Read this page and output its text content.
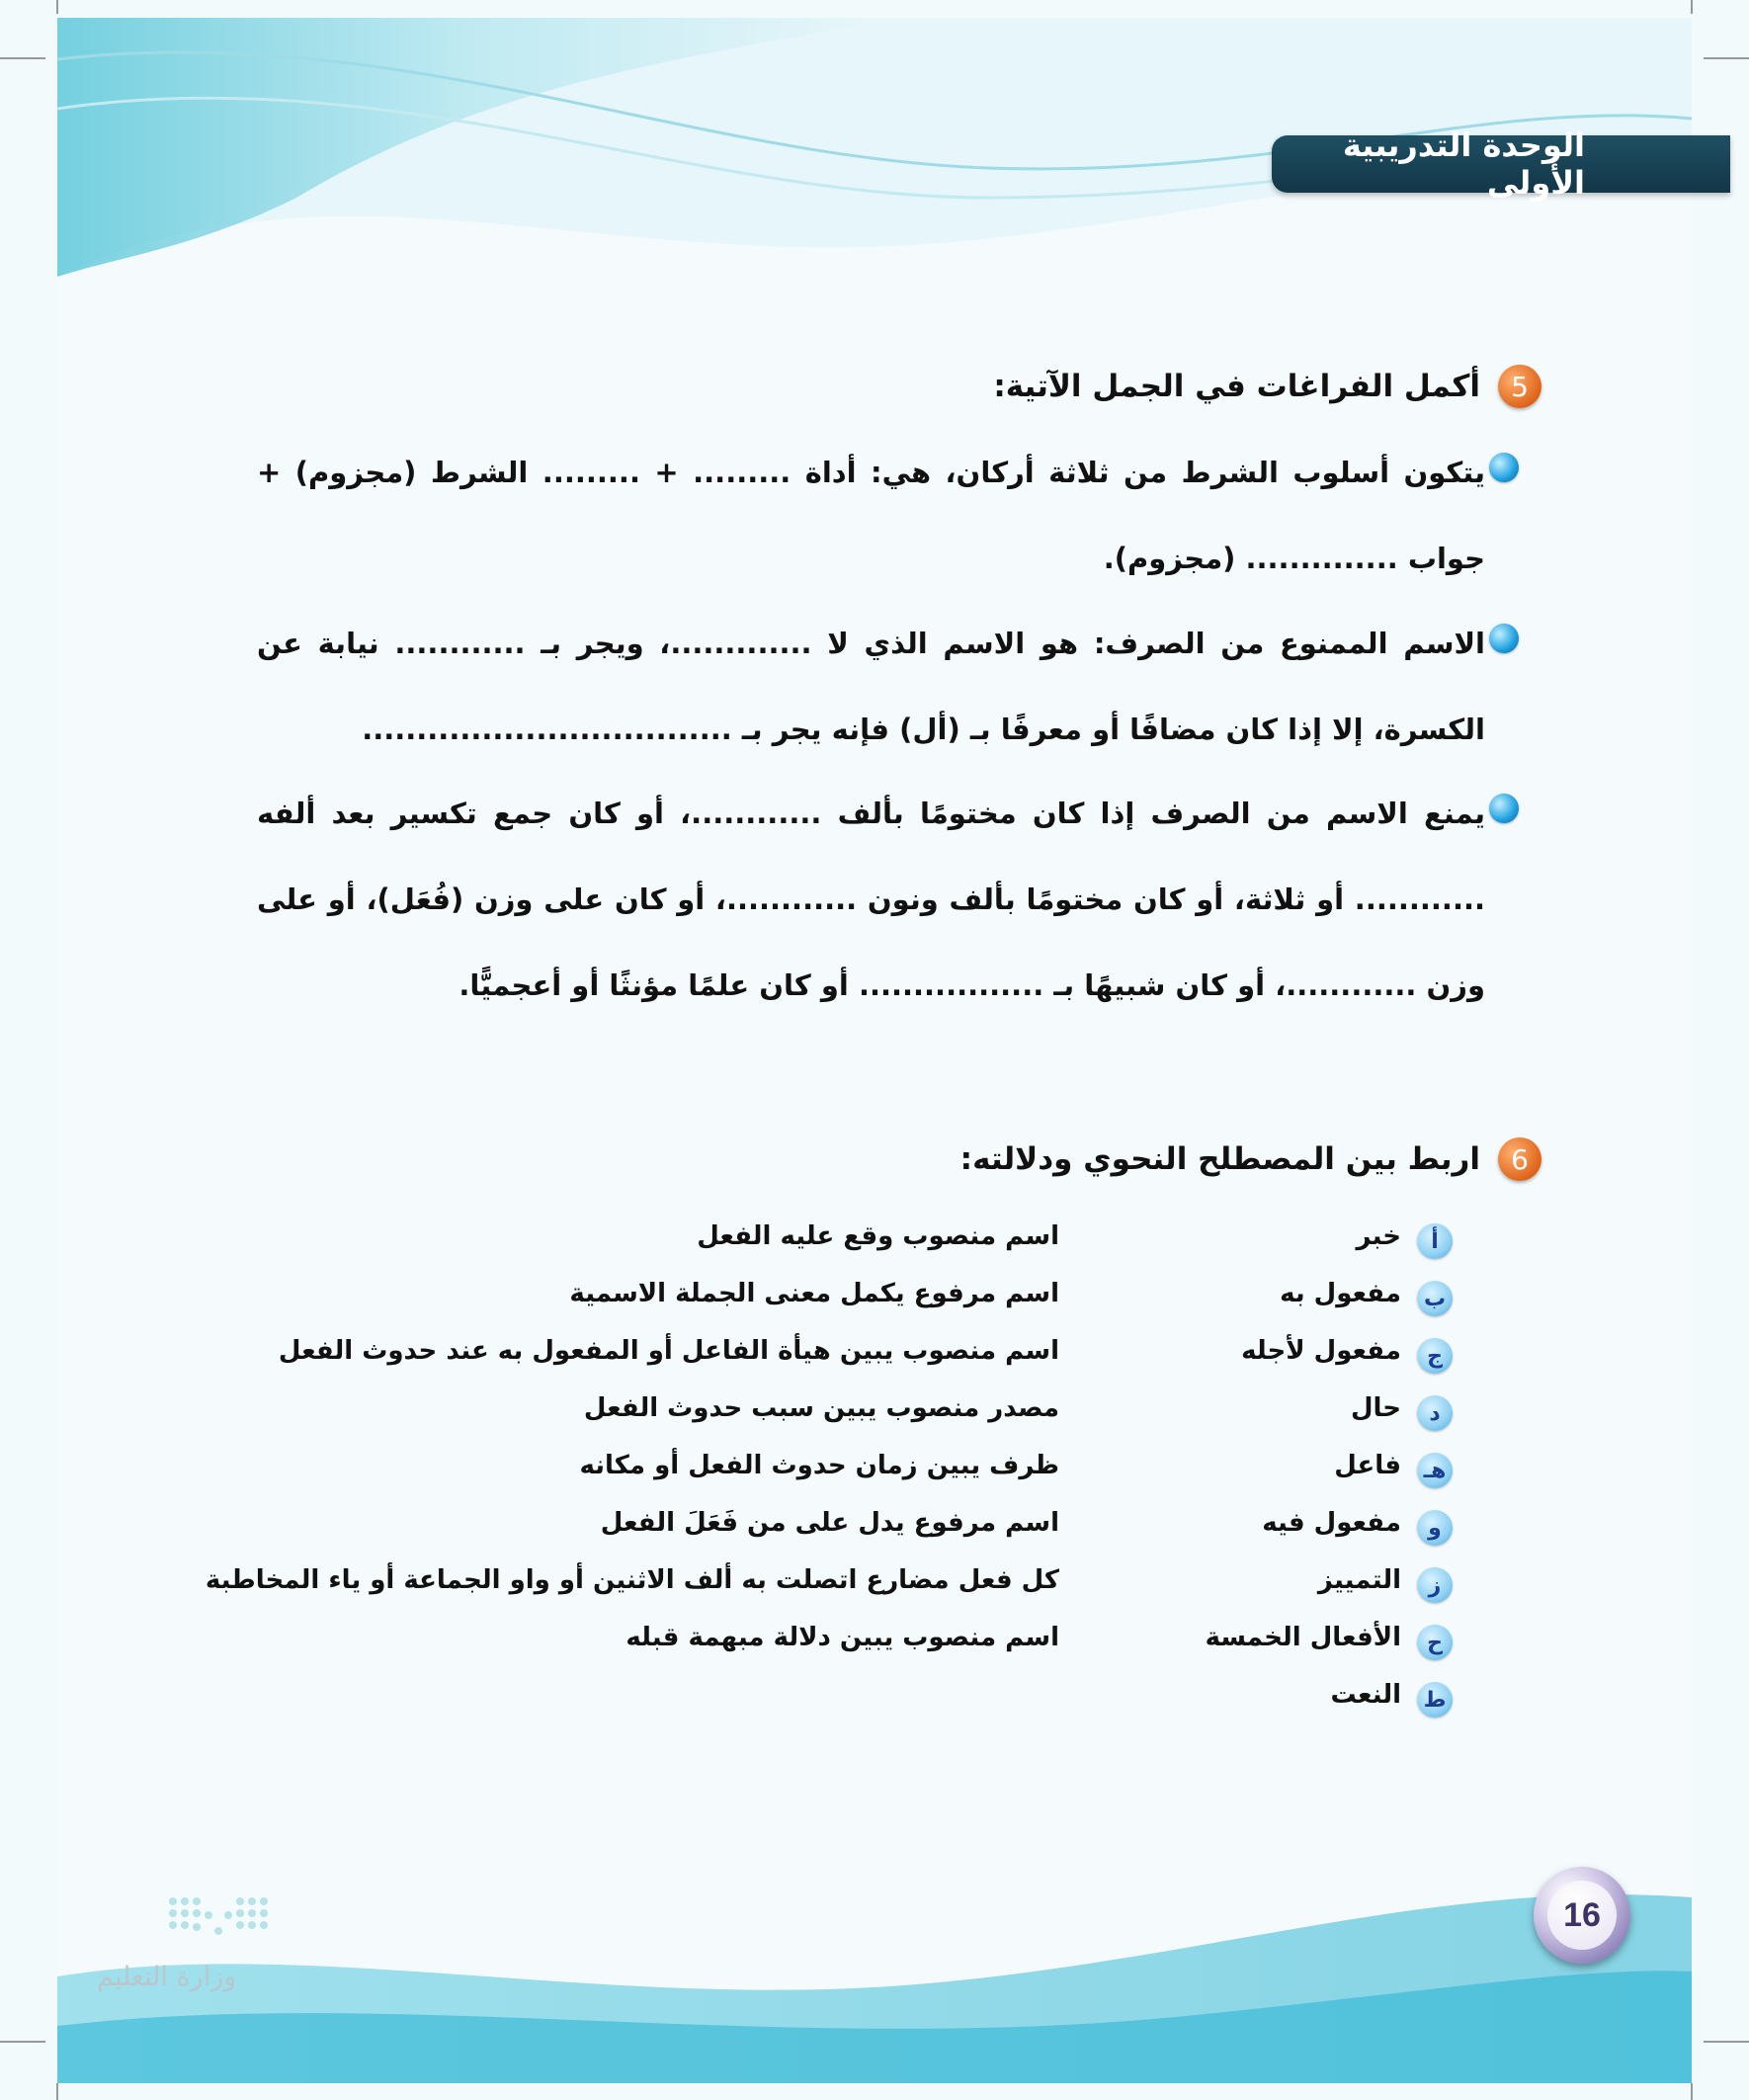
الوحدة التدريبية الأولى
5
أكمل الفراغات في الجمل الآتية:
يتكون أسلوب الشرط من ثلاثة أركان، هي: أداة ......... + ......... الشرط (مجزوم) + جواب .............. (مجزوم).
الاسم الممنوع من الصرف: هو الاسم الذي لا .............، ويجر بـ ............ نيابة عن الكسرة، إلا إذا كان مضافًا أو معرفًا بـ (أل) فإنه يجر بـ ..................................
يمنع الاسم من الصرف إذا كان مختومًا بألف ............، أو كان جمع تكسير بعد ألفه ............ أو ثلاثة، أو كان مختومًا بألف ونون ............، أو كان على وزن (فُعَل)، أو على وزن ............، أو كان شبيهًا بـ ................. أو كان علمًا مؤنثًا أو أعجميًّا.
6
اربط بين المصطلح النحوي ودلالته:
أ
خبر
اسم منصوب وقع عليه الفعل
ب
مفعول به
اسم مرفوع يكمل معنى الجملة الاسمية
ج
مفعول لأجله
اسم منصوب يبين هيأة الفاعل أو المفعول به عند حدوث الفعل
د
حال
مصدر منصوب يبين سبب حدوث الفعل
هـ
فاعل
ظرف يبين زمان حدوث الفعل أو مكانه
و
مفعول فيه
اسم مرفوع يدل على من فَعَلَ الفعل
ز
التمييز
كل فعل مضارع اتصلت به ألف الاثنين أو واو الجماعة أو ياء المخاطبة
ح
الأفعال الخمسة
اسم منصوب يبين دلالة مبهمة قبله
ط
النعت
16
وزارة التعليم
